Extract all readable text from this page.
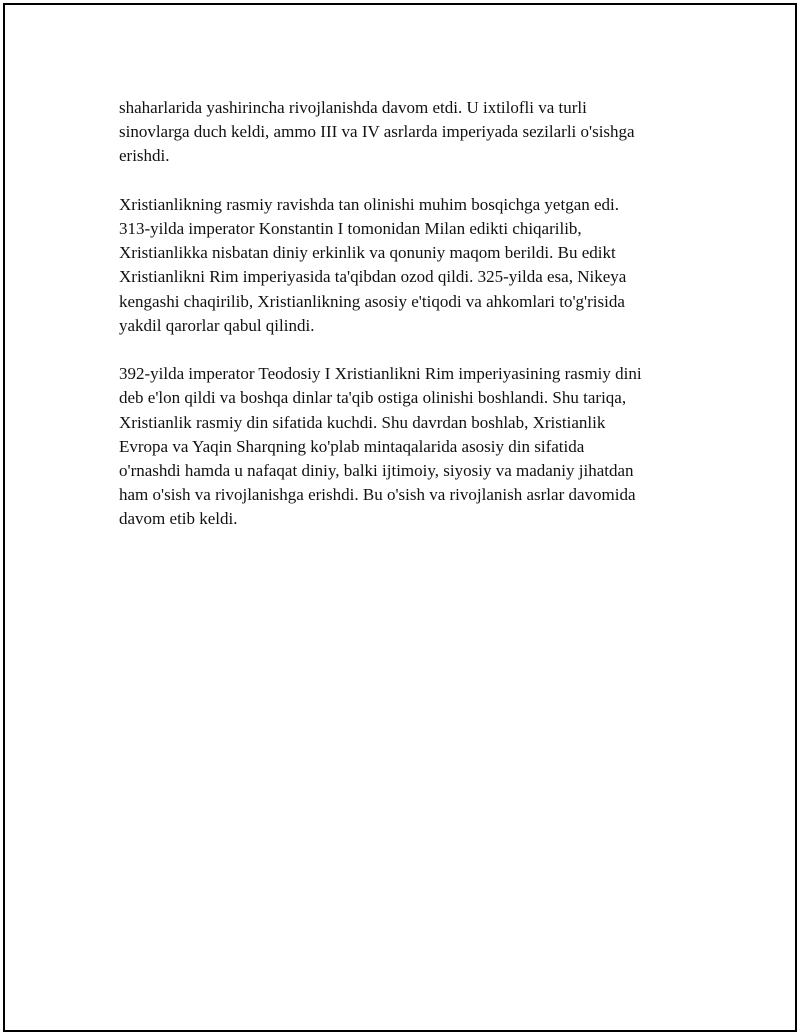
shaharlarida yashirincha rivojlanishda davom etdi. U ixtilofli va turli
sinovlarga duch keldi, ammo III va IV asrlarda imperiyada sezilarli o'sishga
erishdi.

Xristianlikning rasmiy ravishda tan olinishi muhim bosqichga yetgan edi.
313-yilda imperator Konstantin I tomonidan Milan edikti chiqarilib,
Xristianlikka nisbatan diniy erkinlik va qonuniy maqom berildi. Bu edikt
Xristianlikni Rim imperiyasida ta'qibdan ozod qildi. 325-yilda esa, Nikeya
kengashi chaqirilib, Xristianlikning asosiy e'tiqodi va ahkomlari to'g'risida
yakdil qarorlar qabul qilindi.

392-yilda imperator Teodosiy I Xristianlikni Rim imperiyasining rasmiy dini
deb e'lon qildi va boshqa dinlar ta'qib ostiga olinishi boshlandi. Shu tariqa,
Xristianlik rasmiy din sifatida kuchdi. Shu davrdan boshlab, Xristianlik
Evropa va Yaqin Sharqning ko'plab mintaqalarida asosiy din sifatida
o'rnashdi hamda u nafaqat diniy, balki ijtimoiy, siyosiy va madaniy jihatdan
ham o'sish va rivojlanishga erishdi. Bu o'sish va rivojlanish asrlar davomida
davom etib keldi.
